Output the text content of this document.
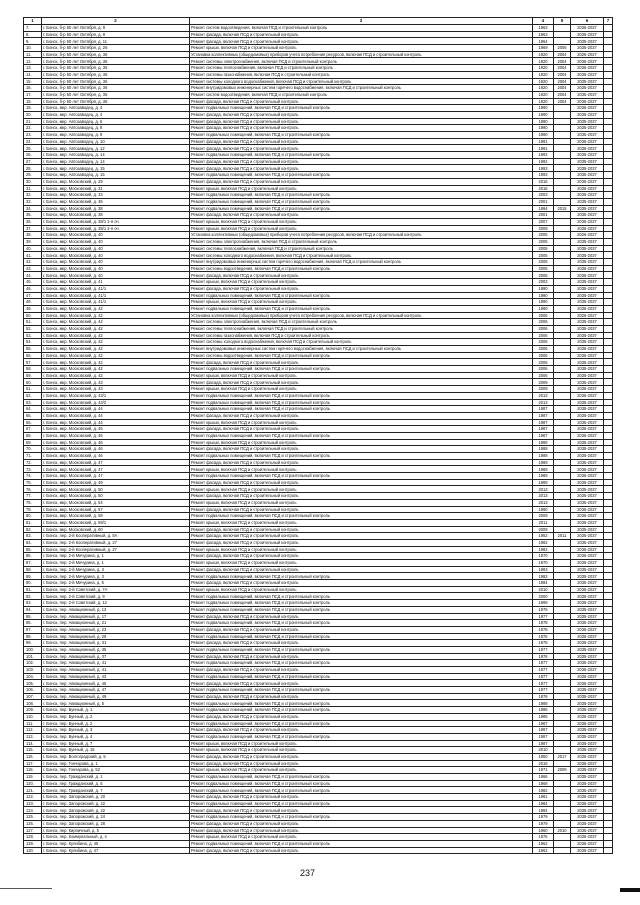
1	2	3	4	5	6	7
7.	г. Бонск, б-р 50 лет Октября, д. 9	Ремонт систем водоотведения, включая ПСД и строительный контроль	1963		2035-2037	
8.	г. Бонск, б-р 50 лет Октября, д. 9	Ремонт фасада, включая ПСД и строительный контроль	1963		2035-2037	
9.	г. Бонск, б-р 50 лет Октября, д. 11	Ремонт фасада, включая ПСД и строительный контроль	1964		2035-2037	
10.	г. Бонск, б-р 50 лет Октября, д. 26	Ремонт крыши, включая ПСД и строительный контроль	1969	2006	2035-2037	
11.	г. Бонск, б-р 50 лет Октября, д. 36	Установка коллективных (общедомовых) приборов учета потребления ресурсов, включая ПСД и строительный контроль	1920	2004	2026-2027	
12.	г. Бонск, б-р 50 лет Октября, д. 36	Ремонт системы электроснабжения, включая ПСД и строительный контроль	1920	2004	2035-2037	
13.	г. Бонск, б-р 50 лет Октября, д. 36	Ремонт системы теплоснабжения, включая ПСД и строительный контроль	1920	2004	2035-2037	
14.	г. Бонск, б-р 50 лет Октября, д. 36	Ремонт системы газоснабжения, включая ПСД и строительный контроль	1920	2004	2035-2037	
15.	г. Бонск, б-р 50 лет Октября, д. 36	Ремонт системы холодного водоснабжения, включая ПСД и строительный контроль	1920	2004	2035-2037	
16.	г. Бонск, б-р 50 лет Октября, д. 36	Ремонт внутридомовых инженерных систем горячего водоснабжения, включая ПСД и строительный контроль	1920	2004	2035-2037	
17.	г. Бонск, б-р 50 лет Октября, д. 36	Ремонт систем водоотведения, включая ПСД и строительный контроль	1920	2004	2035-2037	
18.	г. Бонск, б-р 50 лет Октября, д. 36	Ремонт фасада, включая ПСД и строительный контроль	1920	2004	2035-2037	
19.	г. Бонск, мкр. Автозаводец, д. 4	Ремонт подвальных помещений, включая ПСД и строительный контроль	1990		2035-2037	
20.	г. Бонск, мкр. Автозаводец, д. 4	Ремонт фасада, включая ПСД и строительный контроль	1990		2035-2037	
21.	г. Бонск, мкр. Автозаводец, д. 6	Ремонт фасада, включая ПСД и строительный контроль	1990		2035-2037	
22.	г. Бонск, мкр. Автозаводец, д. 8	Ремонт фасада, включая ПСД и строительный контроль	1990		2035-2037	
23.	г. Бонск, мкр. Автозаводец, д. 9	Ремонт подвальных помещений, включая ПСД и строительный контроль	1990		2035-2037	
24.	г. Бонск, мкр. Автозаводец, д. 10	Ремонт фасада, включая ПСД и строительный контроль	1991		2035-2037	
25.	г. Бонск, мкр. Автозаводец, д. 12	Ремонт фасада, включая ПСД и строительный контроль	1991		2035-2037	
26.	г. Бонск, мкр. Автозаводец, д. 14	Ремонт подвальных помещений, включая ПСД и строительный контроль	1992		2035-2037	
27.	г. Бонск, мкр. Автозаводец, д. 14	Ремонт фасада, включая ПСД и строительный контроль	1992		2035-2037	
28.	г. Бонск, мкр. Автозаводец, д. 15	Ремонт фасада, включая ПСД и строительный контроль	1993		2035-2037	
29.	г. Бонск, мкр. Автозаводец, д. 15	Ремонт подвальных помещений, включая ПСД и строительный контроль	1993		2035-2037	
30.	г. Бонск, мкр. Московский, д. 29	Ремонт фасада, включая ПСД и строительный контроль	2016		2035-2037	
31.	г. Бонск, мкр. Московский, д. 31	Ремонт крыши, включая ПСД и строительный контроль	2016		2035-2037	
32.	г. Бонск, мкр. Московский, д. 33	Ремонт подвальных помещений, включая ПСД и строительный контроль	2003		2035-2037	
33.	г. Бонск, мкр. Московский, д. 36	Ремонт подвальных помещений, включая ПСД и строительный контроль	2001		2035-2037	
34.	г. Бонск, мкр. Московский, д. 38	Ремонт подвальных помещений, включая ПСД и строительный контроль	1994	2015	2035-2037	
35.	г. Бонск, мкр. Московский, д. 38	Ремонт фасада, включая ПСД и строительный контроль	2001		2035-2037	
36.	г. Бонск, мкр. Московский, д. 39/1 1-я оч.	Ремонт крыши, включая ПСД и строительный контроль	2007		2035-2037	
37.	г. Бонск, мкр. Московский, д. 39/1 2-я оч.	Ремонт крыши, включая ПСД и строительный контроль	2009		2035-2037	
38.	г. Бонск, мкр. Московский, д. 40	Установка коллективных (общедомовых) приборов учета потребления ресурсов, включая ПСД и строительный контроль	2005		2026-2027	
39.	г. Бонск, мкр. Московский, д. 40	Ремонт системы электроснабжения, включая ПСД и строительный контроль	2005		2035-2037	
40.	г. Бонск, мкр. Московский, д. 40	Ремонт системы теплоснабжения, включая ПСД и строительный контроль	2005		2035-2037	
41.	г. Бонск, мкр. Московский, д. 40	Ремонт системы холодного водоснабжения, включая ПСД и строительный контроль	2005		2035-2037	
42.	г. Бонск, мкр. Московский, д. 40	Ремонт внутридомовых инженерных систем горячего водоснабжения, включая ПСД и строительный контроль	2005		2035-2037	
43.	г. Бонск, мкр. Московский, д. 40	Ремонт системы водоотведения, включая ПСД и строительный контроль	2005		2035-2037	
44.	г. Бонск, мкр. Московский, д. 40	Ремонт фасада, включая ПСД и строительный контроль	2005		2035-2037	
45.	г. Бонск, мкр. Московский, д. 41	Ремонт крыши, включая ПСД и строительный контроль	2003		2035-2037	
46.	г. Бонск, мкр. Московский, д. 41/1	Ремонт фасада, включая ПСД и строительный контроль	1990		2035-2037	
47.	г. Бонск, мкр. Московский, д. 41/1	Ремонт подвальных помещений, включая ПСД и строительный контроль	1990		2035-2037	
48.	г. Бонск, мкр. Московский, д. 41/1	Ремонт крыши, включая ПСД и строительный контроль	1990		2035-2037	
49.	г. Бонск, мкр. Московский, д. 42	Ремонт подвальных помещений, включая ПСД и строительный контроль	1990		2035-2037	
50.	г. Бонск, мкр. Московский, д. 42	Установка коллективных (общедомовых) приборов учета потребления ресурсов, включая ПСД и строительный контроль	2006		2026-2027	
51.	г. Бонск, мкр. Московский, д. 42	Ремонт системы электроснабжения, включая ПСД и строительный контроль	2006		2035-2037	
52.	г. Бонск, мкр. Московский, д. 42	Ремонт системы теплоснабжения, включая ПСД и строительный контроль	2006		2035-2037	
53.	г. Бонск, мкр. Московский, д. 42	Ремонт системы газоснабжения, включая ПСД и строительный контроль	2006		2035-2037	
54.	г. Бонск, мкр. Московский, д. 42	Ремонт системы холодного водоснабжения, включая ПСД и строительный контроль	2006		2035-2037	
55.	г. Бонск, мкр. Московский, д. 42	Ремонт внутридомовых инженерных систем горячего водоснабжения, включая ПСД и строительный контроль	2006		2035-2037	
56.	г. Бонск, мкр. Московский, д. 42	Ремонт системы водоотведения, включая ПСД и строительный контроль	2006		2035-2037	
57.	г. Бонск, мкр. Московский, д. 42	Ремонт фасада, включая ПСД и строительный контроль	2006		2035-2037	
58.	г. Бонск, мкр. Московский, д. 42	Ремонт подвальных помещений, включая ПСД и строительный контроль	2006		2035-2037	
59.	г. Бонск, мкр. Московский, д. 42	Ремонт крыши, включая ПСД и строительный контроль	2006		2035-2037	
60.	г. Бонск, мкр. Московский, д. 43	Ремонт фасада, включая ПСД и строительный контроль	2009		2035-2037	
61.	г. Бонск, мкр. Московский, д. 43	Ремонт крыши, включая ПСД и строительный контроль	2009		2035-2037	
62.	г. Бонск, мкр. Московский, д. 43/1	Ремонт подвальных помещений, включая ПСД и строительный контроль	2013		2035-2037	
63.	г. Бонск, мкр. Московский, д. 43/2	Ремонт подвальных помещений, включая ПСД и строительный контроль	2013		2035-2037	
64.	г. Бонск, мкр. Московский, д. 44	Ремонт подвальных помещений, включая ПСД и строительный контроль	1987		2035-2037	
65.	г. Бонск, мкр. Московский, д. 44	Ремонт фасада, включая ПСД и строительный контроль	1987		2035-2037	
66.	г. Бонск, мкр. Московский, д. 44	Ремонт крыши, включая ПСД и строительный контроль	1987		2035-2037	
67.	г. Бонск, мкр. Московский, д. 45	Ремонт фасада, включая ПСД и строительный контроль	1987		2035-2037	
68.	г. Бонск, мкр. Московский, д. 45	Ремонт подвальных помещений, включая ПСД и строительный контроль	1987		2035-2037	
69.	г. Бонск, мкр. Московский, д. 46	Ремонт крыши, включая ПСД и строительный контроль	1988		2035-2037	
70.	г. Бонск, мкр. Московский, д. 46	Ремонт фасада, включая ПСД и строительный контроль	1988		2035-2037	
71.	г. Бонск, мкр. Московский, д. 46	Ремонт подвальных помещений, включая ПСД и строительный контроль	1988		2035-2037	
72.	г. Бонск, мкр. Московский, д. 47	Ремонт фасада, включая ПСД и строительный контроль	1989		2035-2037	
73.	г. Бонск, мкр. Московский, д. 47	Ремонт крыши, включая ПСД и строительный контроль	1989		2035-2037	
74.	г. Бонск, мкр. Московский, д. 47	Ремонт подвальных помещений, включая ПСД и строительный контроль	1989		2035-2037	
75.	г. Бонск, мкр. Московский, д. 49	Ремонт фасада, включая ПСД и строительный контроль	1989		2035-2037	
76.	г. Бонск, мкр. Московский, д. 50	Ремонт крыши, включая ПСД и строительный контроль	2013		2035-2037	
77.	г. Бонск, мкр. Московский, д. 50	Ремонт фасада, включая ПСД и строительный контроль	2013		2035-2037	
78.	г. Бонск, мкр. Московский, д. 54	Ремонт крыши, включая ПСД и строительный контроль	2013		2035-2037	
79.	г. Бонск, мкр. Московский, д. 57	Ремонт фасада, включая ПСД и строительный контроль	1990		2035-2037	
80.	г. Бонск, мкр. Московский, д. 58	Ремонт подвальных помещений, включая ПСД и строительный контроль	2009		2035-2037	
81.	г. Бонск, мкр. Московский, д. 59/1	Ремонт крыши, включая ПСД и строительный контроль	2011		2035-2037	
82.	г. Бонск, мкр. Московский, д. 60	Ремонт фасада, включая ПСД и строительный контроль	2009		2035-2037	
83.	г. Бонск, пер. 2-й Кооперативный, д. 8А	Ремонт фасада, включая ПСД и строительный контроль	1952	2011	2035-2037	
84.	г. Бонск, пер. 2-й Кооперативный, д. 27	Ремонт фасада, включая ПСД и строительный контроль	1982		2035-2037	
85.	г. Бонск, пер. 2-й Кооперативный, д. 27	Ремонт крыши, включая ПСД и строительный контроль	1982		2035-2037	
86.	г. Бонск, пер. 2-й Мичурина, д. 1	Ремонт фасада, включая ПСД и строительный контроль	1970		2035-2037	
87.	г. Бонск, пер. 2-й Мичурина, д. 1	Ремонт крыши, включая ПСД и строительный контроль	1970		2035-2037	
88.	г. Бонск, пер. 2-й Мичурина, д. 3	Ремонт фасада, включая ПСД и строительный контроль	1983		2035-2037	
89.	г. Бонск, пер. 2-й Мичурина, д. 3	Ремонт подвальных помещений, включая ПСД и строительный контроль	1983		2035-2037	
90.	г. Бонск, пер. 2-й Мичурина, д. 5	Ремонт фасада, включая ПСД и строительный контроль	1984		2035-2037	
91.	г. Бонск, пер. 2-й Советский, д. 7А	Ремонт крыши, включая ПСД и строительный контроль	2010		2035-2037	
92.	г. Бонск, пер. 2-й Советский, д. 9	Ремонт подвальных помещений, включая ПСД и строительный контроль	2000		2035-2037	
93.	г. Бонск, пер. 2-й Советский, д. 12	Ремонт подвальных помещений, включая ПСД и строительный контроль	1999		2035-2037	
94.	г. Бонск, пер. Авиационный, д. 13	Ремонт подвальных помещений, включая ПСД и строительный контроль	1975		2035-2037	
95.	г. Бонск, пер. Авиационный, д. 17	Ремонт фасада, включая ПСД и строительный контроль	1977		2035-2037	
96.	г. Бонск, пер. Авиационный, д. 21	Ремонт подвальных помещений, включая ПСД и строительный контроль	1978		2035-2037	
97.	г. Бонск, пер. Авиационный, д. 23	Ремонт фасада, включая ПСД и строительный контроль	1978		2035-2037	
98.	г. Бонск, пер. Авиационный, д. 29	Ремонт подвальных помещений, включая ПСД и строительный контроль	1976		2035-2037	
99.	г. Бонск, пер. Авиационный, д. 31	Ремонт фасада, включая ПСД и строительный контроль	1978		2035-2037	
100.	г. Бонск, пер. Авиационный, д. 35	Ремонт подвальных помещений, включая ПСД и строительный контроль	1977		2035-2037	
101.	г. Бонск, пер. Авиационный, д. 37	Ремонт фасада, включая ПСД и строительный контроль	1978		2035-2037	
102.	г. Бонск, пер. Авиационный, д. 41	Ремонт подвальных помещений, включая ПСД и строительный контроль	1977		2035-2037	
103.	г. Бонск, пер. Авиационный, д. 41	Ремонт фасада, включая ПСД и строительный контроль	1977		2035-2037	
104.	г. Бонск, пер. Авиационный, д. 43	Ремонт подвальных помещений, включая ПСД и строительный контроль	1977		2035-2037	
105.	г. Бонск, пер. Авиационный, д. 45	Ремонт фасада, включая ПСД и строительный контроль	1977		2035-2037	
106.	г. Бонск, пер. Авиационный, д. 47	Ремонт подвальных помещений, включая ПСД и строительный контроль	1977		2035-2037	
107.	г. Бонск, пер. Авиационный, д. 49	Ремонт фасада, включая ПСД и строительный контроль	1978		2035-2037	
108.	г. Бонск, пер. Авиационный, д. 5	Ремонт подвальных помещений, включая ПСД и строительный контроль	1988		2035-2037	
109.	г. Бонск, пер. Бунный, д. 1	Ремонт подвальных помещений, включая ПСД и строительный контроль	1985		2035-2037	
110.	г. Бонск, пер. Бунный, д. 2	Ремонт фасада, включая ПСД и строительный контроль	1985		2035-2037	
111.	г. Бонск, пер. Бунный, д. 2	Ремонт подвальных помещений, включая ПСД и строительный контроль	1987		2035-2037	
112.	г. Бонск, пер. Бунный, д. 3	Ремонт фасада, включая ПСД и строительный контроль	1987		2035-2037	
113.	г. Бонск, пер. Бунный, д. 4	Ремонт подвальных помещений, включая ПСД и строительный контроль	1987		2035-2037	
114.	г. Бонск, пер. Бунный, д. 7	Ремонт крыши, включая ПСД и строительный контроль	1987		2035-2037	
115.	г. Бонск, пер. Бунный, д. 16	Ремонт крыши, включая ПСД и строительный контроль	2010		2035-2037	
116.	г. Бонск, пер. Волгоградский, д. 5	Ремонт фасада, включая ПСД и строительный контроль	1950	2017	2035-2037	
117.	г. Бонск, пер. Гончарова, д. 1	Ремонт фасада, включая ПСД и строительный контроль	2016		2035-2037	
118.	г. Бонск, пер. Гончарова, д. 52	Ремонт крыши, включая ПСД и строительный контроль	1971	2009	2035-2037	
119.	г. Бонск, пер. Гражданский, д. 1	Ремонт подвальных помещений, включая ПСД и строительный контроль	1966		2035-2037	
120.	г. Бонск, пер. Гражданский, д. 5	Ремонт подвальных помещений, включая ПСД и строительный контроль	1968		2035-2037	
121.	г. Бонск, пер. Гражданский, д. 7	Ремонт подвальных помещений, включая ПСД и строительный контроль	1982		2035-2037	
122.	г. Бонск, пер. Запорожский, д. 20	Ремонт фасада, включая ПСД и строительный контроль	1981		2035-2037	
123.	г. Бонск, пер. Запорожский, д. 22	Ремонт подвальных помещений, включая ПСД и строительный контроль	1984		2035-2037	
124.	г. Бонск, пер. Запорожский, д. 22	Ремонт фасада, включая ПСД и строительный контроль	1984		2035-2037	
125.	г. Бонск, пер. Запорожский, д. 24	Ремонт подвальных помещений, включая ПСД и строительный контроль	1979		2035-2037	
126.	г. Бонск, пер. Запорожский, д. 28	Ремонт фасада, включая ПСД и строительный контроль	1979		2035-2037	
127.	г. Бонск, пер. Кирпичный, д. 5	Ремонт фасада, включая ПСД и строительный контроль	1960	2010	2035-2037	
128.	г. Бонск, пер. Коммунальный, д. 4	Ремонт крыши, включая ПСД и строительный контроль	1976		2035-2037	
129.	г. Бонск, пер. Кулибина, д. 45	Ремонт подвальных помещений, включая ПСД и строительный контроль	1962		2035-2037	
130.	г. Бонск, пер. Кулибина, д. 47	Ремонт фасада, включая ПСД и строительный контроль	1962		2035-2037	
237
